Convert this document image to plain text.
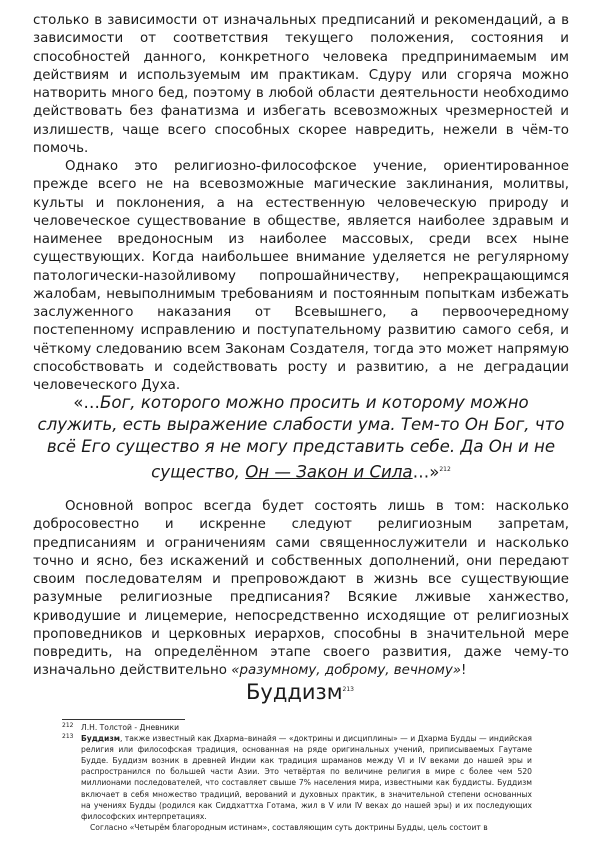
столько в зависимости от изначальных предписаний и рекомендаций, а в зависимости от соответствия текущего положения, состояния и способностей данного, конкретного человека предпринимаемым им действиям и используемым им практикам. Сдуру или сгоряча можно натворить много бед, поэтому в любой области деятельности необходимо действовать без фанатизма и избегать всевозможных чрезмерностей и излишеств, чаще всего способных скорее навредить, нежели в чём-то помочь.

Однако это религиозно-философское учение, ориентированное прежде всего не на всевозможные магические заклинания, молитвы, культы и поклонения, а на естественную человеческую природу и человеческое существование в обществе, является наиболее здравым и наименее вредоносным из наиболее массовых, среди всех ныне существующих. Когда наибольшее внимание уделяется не регулярному патологически-назойливому попрошайничеству, непрекращающимся жалобам, невыполнимым требованиям и постоянным попыткам избежать заслуженного наказания от Всевышнего, а первоочередному постепенному исправлению и поступательному развитию самого себя, и чёткому следованию всем Законам Создателя, тогда это может напрямую способствовать и содействовать росту и развитию, а не деградации человеческого Духа.

«…Бог, которого можно просить и которому можно служить, есть выражение слабости ума. Тем-то Он Бог, что всё Его существо я не могу представить себе. Да Он и не существо, Он — Закон и Сила…»$^{212}$

Основной вопрос всегда будет состоять лишь в том: насколько добросовестно и искренне следуют религиозным запретам, предписаниям и ограничениям сами священнослужители и насколько точно и ясно, без искажений и собственных дополнений, они передают своим последователям и препровождают в жизнь все существующие разумные религиозные предписания? Всякие лживые ханжество, криводушие и лицемерие, непосредственно исходящие от религиозных проповедников и церковных иерархов, способны в значительной мере повредить, на определённом этапе своего развития, даже чему-то изначально действительно «разумному, доброму, вечному»!

Буддизм$^{213}$

212 Л.Н. Толстой - Дневники

213 Буддизм, также известный как Дхарма–винайя — «доктрины и дисциплины» — и Дхарма Будды — индийская религия или философская традиция, основанная на ряде оригинальных учений, приписываемых Гаутаме Будде. Буддизм возник в древней Индии как традиция шраманов между VI и IV веками до нашей эры и распространился по большей части Азии. Это четвёртая по величине религия в мире с более чем 520 миллионами последователей, что составляет свыше 7% населения мира, известными как буддисты. Буддизм включает в себя множество традиций, верований и духовных практик, в значительной степени основанных на учениях Будды (родился как Сиддхаттха Готама, жил в V или IV веках до нашей эры) и их последующих философских интерпретациях.

Согласно «Четырём благородным истинам», составляющим суть доктрины Будды, цель состоит в
